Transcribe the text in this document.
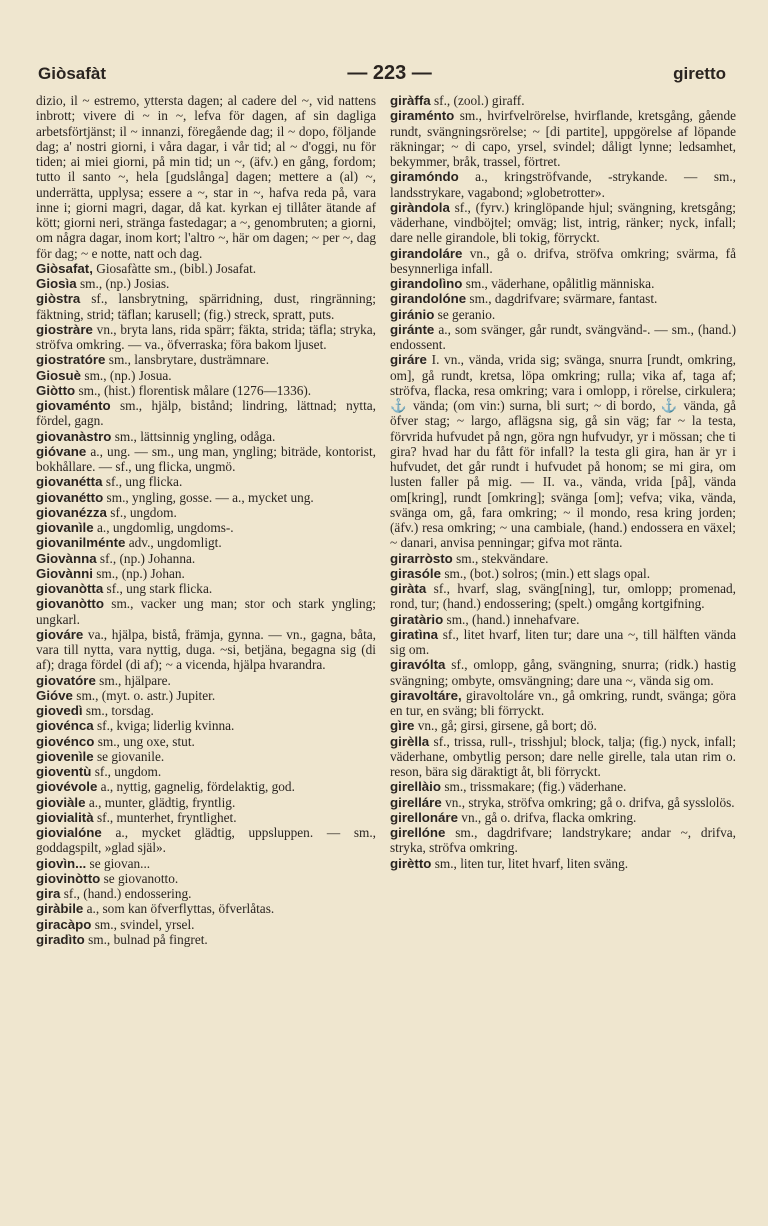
Giòsafàt	— 223 —	giretto

dizio, il ~ estremo, yttersta dagen; al cadere del ~, vid nattens inbrott; vivere di ~ in ~, lefva för dagen, af sin dagliga arbetsförtjänst; il ~ innanzi, föregående dag; il ~ dopo, följande dag; a' nostri giorni, i våra dagar, i vår tid; al ~ d'oggi, nu för tiden; ai miei giorni, på min tid; un ~, (äfv.) en gång, fordom; tutto il santo ~, hela [gudslånga] dagen; mettere a (al) ~, underrätta, upplysa; essere a ~, star in ~, hafva reda på, vara inne i; giorni magri, dagar, då kat. kyrkan ej tillåter ätande af kött; giorni neri, stränga fastedagar; a ~, genombruten; a giorni, om några dagar, inom kort; l'altro ~, här om dagen; ~ per ~, dag för dag; ~ e notte, natt och dag.

Giòsafat, Giosafàtte sm., (bibl.) Josafat.

Giosìa sm., (np.) Josias.

giòstra sf., lansbrytning, spärridning, dust, ringränning; fäktning, strid; täflan; karusell; (fig.) streck, spratt, puts.

giostràre vn., bryta lans, rida spärr; fäkta, strida; täfla; stryka, ströfva omkring. — va., öfverraska; föra bakom ljuset.

giostratóre sm., lansbrytare, dusträmnare.

Giosuè sm., (np.) Josua.

Giòtto sm., (hist.) florentisk målare (1276—1336).

giovaménto sm., hjälp, bistånd; lindring, lättnad; nytta, fördel, gagn.

giovanàstro sm., lättsinnig yngling, odåga.

gióvane a., ung. — sm., ung man, yngling; biträde, kontorist, bokhållare. — sf., ung flicka, ungmö.

giovanétta sf., ung flicka.

giovanétto sm., yngling, gosse. — a., mycket ung.

giovanézza sf., ungdom.

giovanìle a., ungdomlig, ungdoms-.

giovanilménte adv., ungdomligt.

Giovànna sf., (np.) Johanna.

Giovànni sm., (np.) Johan.

giovanòtta sf., ung stark flicka.

giovanòtto sm., vacker ung man; stor och stark yngling; ungkarl.

giováre va., hjälpa, bistå, främja, gynna. — vn., gagna, båta, vara till nytta, vara nyttig, duga. ~si, betjäna, begagna sig (di af); draga fördel (di af); ~ a vicenda, hjälpa hvarandra.

giovatóre sm., hjälpare.

Gióve sm., (myt. o. astr.) Jupiter.

giovedì sm., torsdag.

giovénca sf., kviga; liderlig kvinna.

giovénco sm., ung oxe, stut.

giovenìle se giovanile.

gioventù sf., ungdom.

giovévole a., nyttig, gagnelig, fördelaktig, god.

gioviàle a., munter, glädtig, fryntlig.

giovialità sf., munterhet, fryntlighet.

giovialóne a., mycket glädtig, uppsluppen. — sm., goddagspilt, »glad själ».

giovìn... se giovan...

giovinòtto se giovanotto.

gira sf., (hand.) endossering.

giràbile a., som kan öfverflyttas, öfverlåtas.

giracàpo sm., svindel, yrsel.

giradìto sm., bulnad på fingret.

giràffa sf., (zool.) giraff.

giraménto sm., hvirfvelrörelse, hvirflande, kretsgång, gående rundt, svängningsrörelse; ~ [di partite], uppgörelse af löpande räkningar; ~ di capo, yrsel, svindel; dåligt lynne; ledsamhet, bekymmer, bråk, trassel, förtret.

giramóndo a., kringströfvande, -strykande. — sm., landsstrykare, vagabond; »globetrotter».

giràndola sf., (fyrv.) kringlöpande hjul; svängning, kretsgång; väderhane, vindböjtel; omväg; list, intrig, ränker; nyck, infall; dare nelle girandole, bli tokig, förryckt.

girandoláre vn., gå o. drifva, ströfva omkring; svärma, få besynnerliga infall.

girandolìno sm., väderhane, opålitlig människa.

girandolóne sm., dagdrifvare; svärmare, fantast.

giránio se geranio.

giránte a., som svänger, går rundt, svängvänd-. — sm., (hand.) endossent.

giráre I. vn., vända, vrida sig; svänga, snurra [rundt, omkring, om], gå rundt, kretsa, löpa omkring; rulla; vika af, taga af; ströfva, flacka, resa omkring; vara i omlopp, i rörelse, cirkulera; ⚓ vända; (om vin:) surna, bli surt; ~ di bordo, ⚓ vända, gå öfver stag; ~ largo, aflägsna sig, gå sin väg; far ~ la testa, förvrida hufvudet på ngn, göra ngn hufvudyr, yr i mössan; che ti gira? hvad har du fått för infall? la testa gli gira, han är yr i hufvudet, det går rundt i hufvudet på honom; se mi gira, om lusten faller på mig. — II. va., vända, vrida [på], vända om[kring], rundt [omkring]; svänga [om]; vefva; vika, vända, svänga om, gå, fara omkring; ~ il mondo, resa kring jorden; (äfv.) resa omkring; ~ una cambiale, (hand.) endossera en växel; ~ danari, anvisa penningar; gifva mot ränta.

girarròsto sm., stekvändare.

girasóle sm., (bot.) solros; (min.) ett slags opal.

giràta sf., hvarf, slag, sväng[ning], tur, omlopp; promenad, rond, tur; (hand.) endossering; (spelt.) omgång kortgifning.

giratàrio sm., (hand.) innehafvare.

giratìna sf., litet hvarf, liten tur; dare una ~, till hälften vända sig om.

giravólta sf., omlopp, gång, svängning, snurra; (ridk.) hastig svängning; ombyte, omsvängning; dare una ~, vända sig om.

giravoltáre, giravoltoláre vn., gå omkring, rundt, svänga; göra en tur, en sväng; bli förryckt.

gìre vn., gå; girsi, girsene, gå bort; dö.

girèlla sf., trissa, rull-, trisshjul; block, talja; (fig.) nyck, infall; väderhane, ombytlig person; dare nelle girelle, tala utan rim o. reson, bära sig däraktigt åt, bli förryckt.

girellàio sm., trissmakare; (fig.) väderhane.

girelláre vn., stryka, ströfva omkring; gå o. drifva, gå sysslolös.

girellonáre vn., gå o. drifva, flacka omkring.

girellóne sm., dagdrifvare; landstrykare; andar ~, drifva, stryka, ströfva omkring.

girètto sm., liten tur, litet hvarf, liten sväng.
